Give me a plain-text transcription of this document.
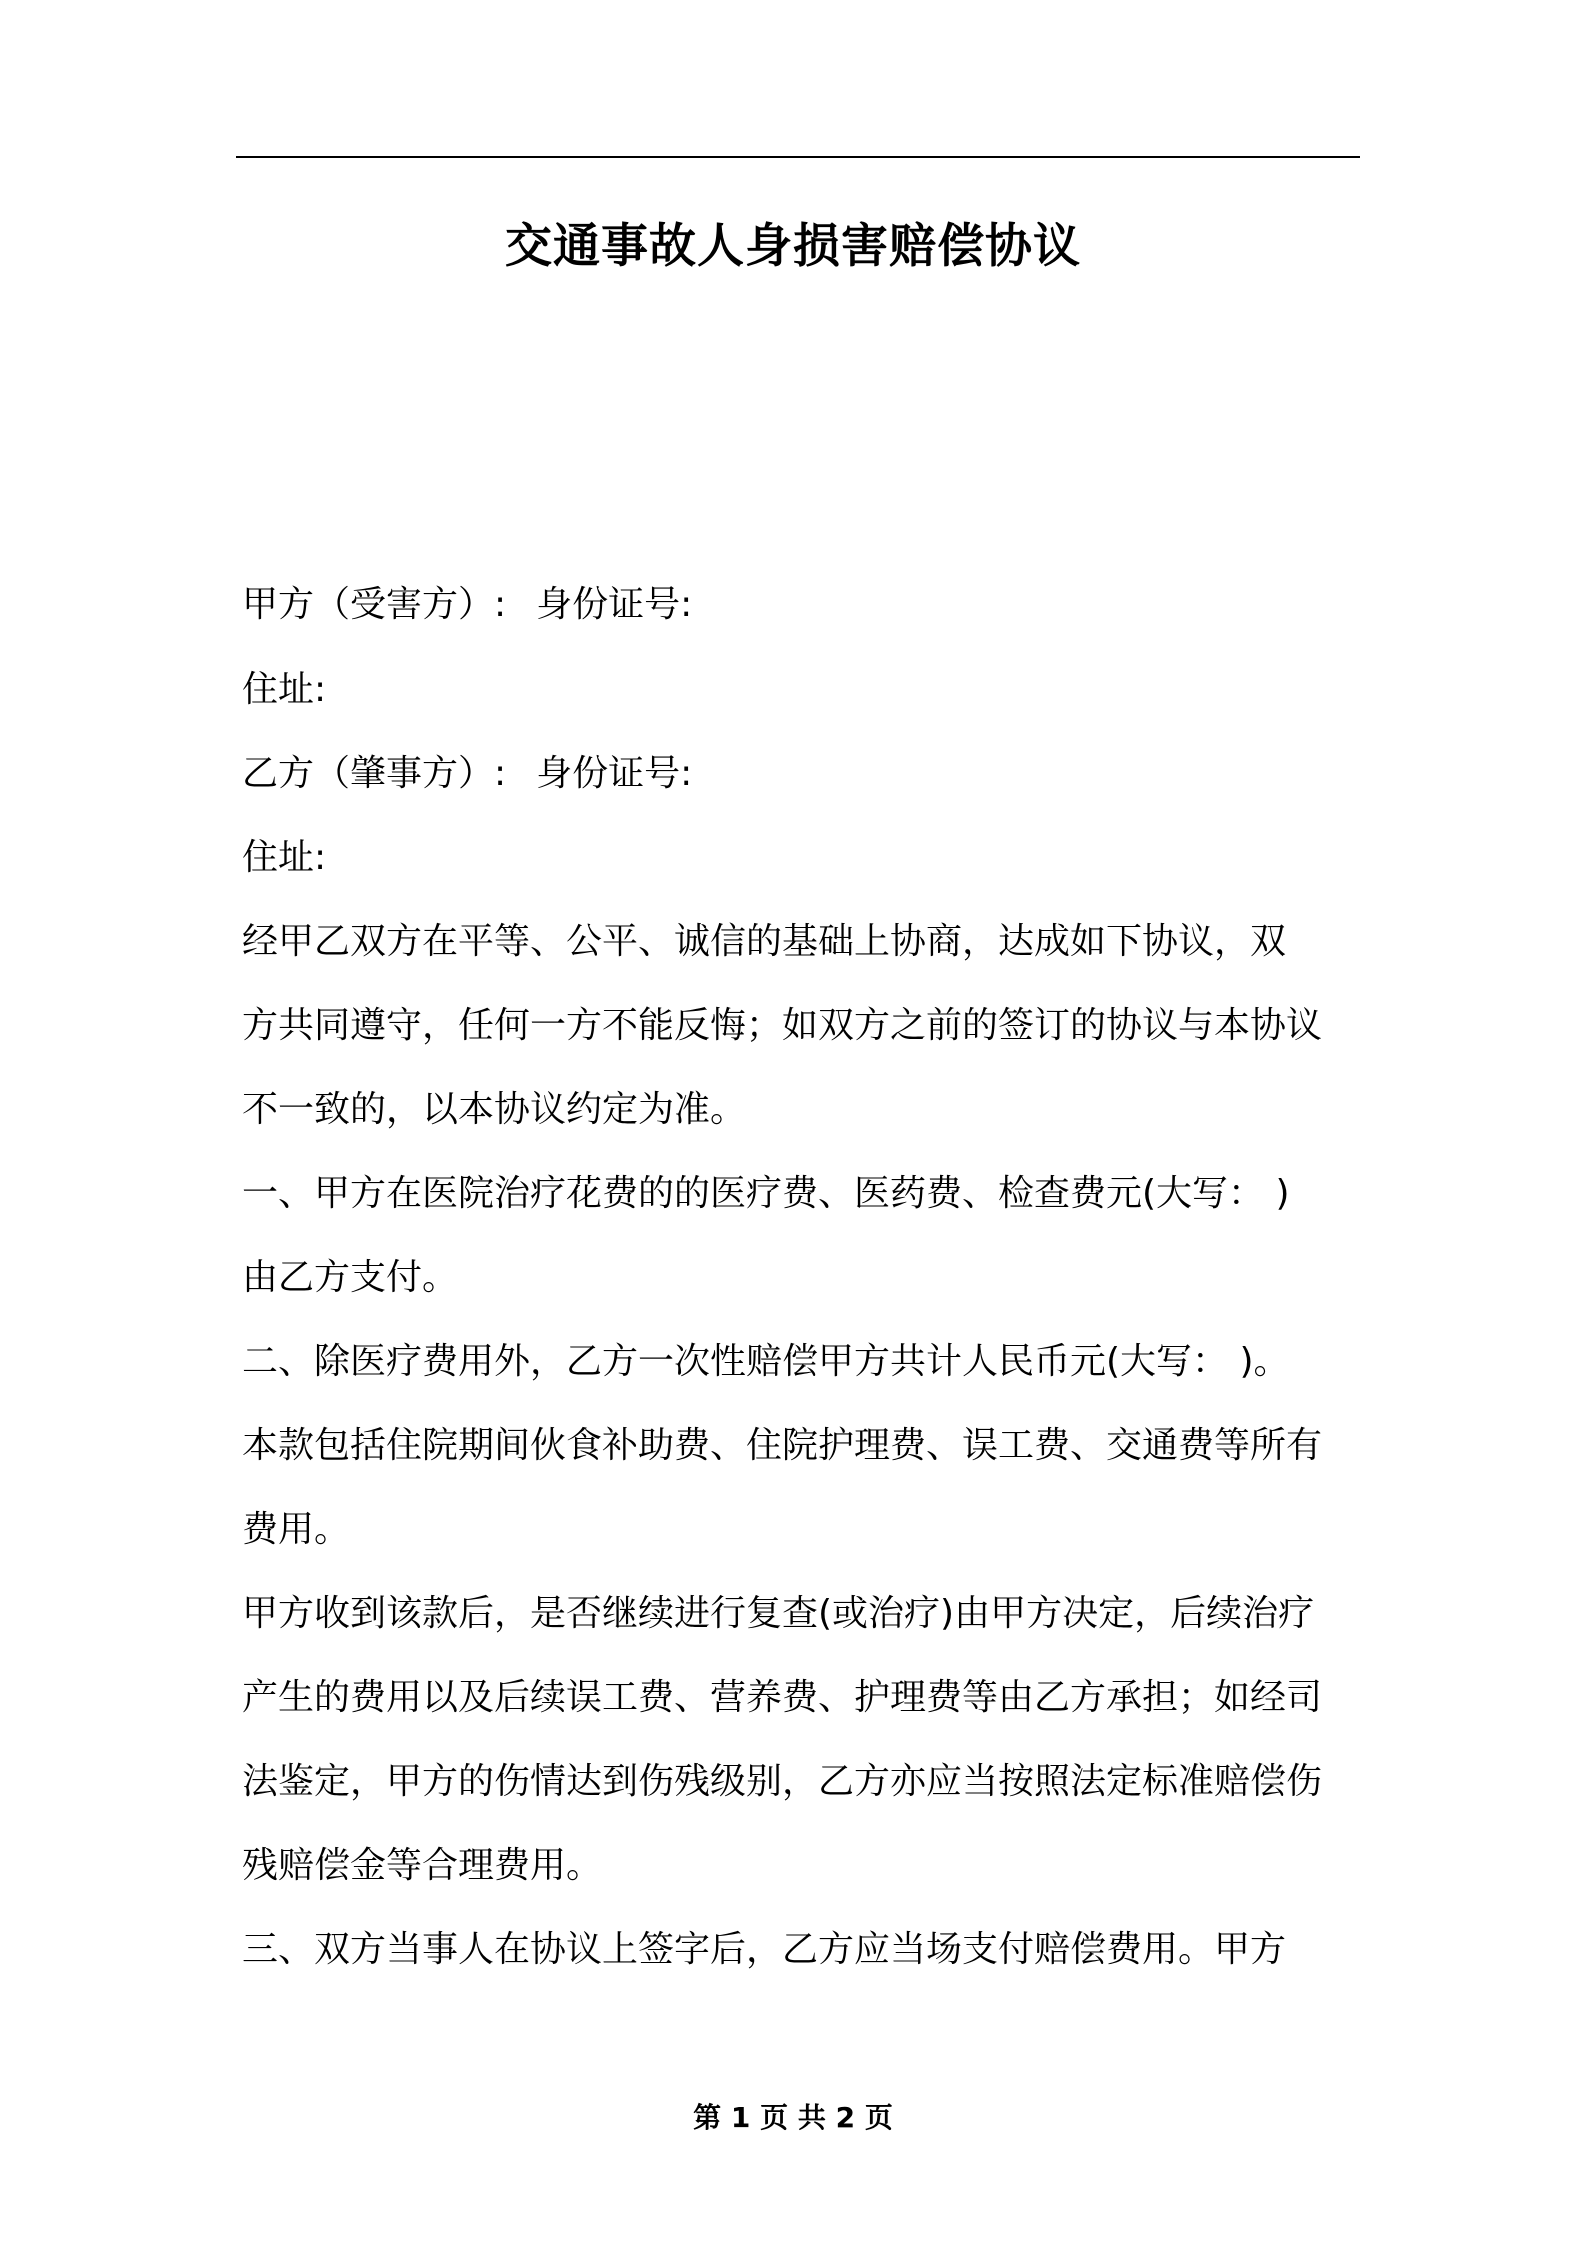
交通事故人身损害赔偿协议
甲方（受害方）: 身份证号:
住址:
乙方（肇事方）: 身份证号:
住址:
经甲乙双方在平等、公平、诚信的基础上协商，达成如下协议，双
方共同遵守，任何一方不能反悔；如双方之前的签订的协议与本协议
不一致的，以本协议约定为准。
一、甲方在医院治疗花费的的医疗费、医药费、检查费元(大写： )
由乙方支付。
二、除医疗费用外，乙方一次性赔偿甲方共计人民币元(大写： )。
本款包括住院期间伙食补助费、住院护理费、误工费、交通费等所有
费用。
甲方收到该款后，是否继续进行复查(或治疗)由甲方决定，后续治疗
产生的费用以及后续误工费、营养费、护理费等由乙方承担；如经司
法鉴定，甲方的伤情达到伤残级别，乙方亦应当按照法定标准赔偿伤
残赔偿金等合理费用。
三、双方当事人在协议上签字后，乙方应当场支付赔偿费用。甲方
第 1 页 共 2 页
